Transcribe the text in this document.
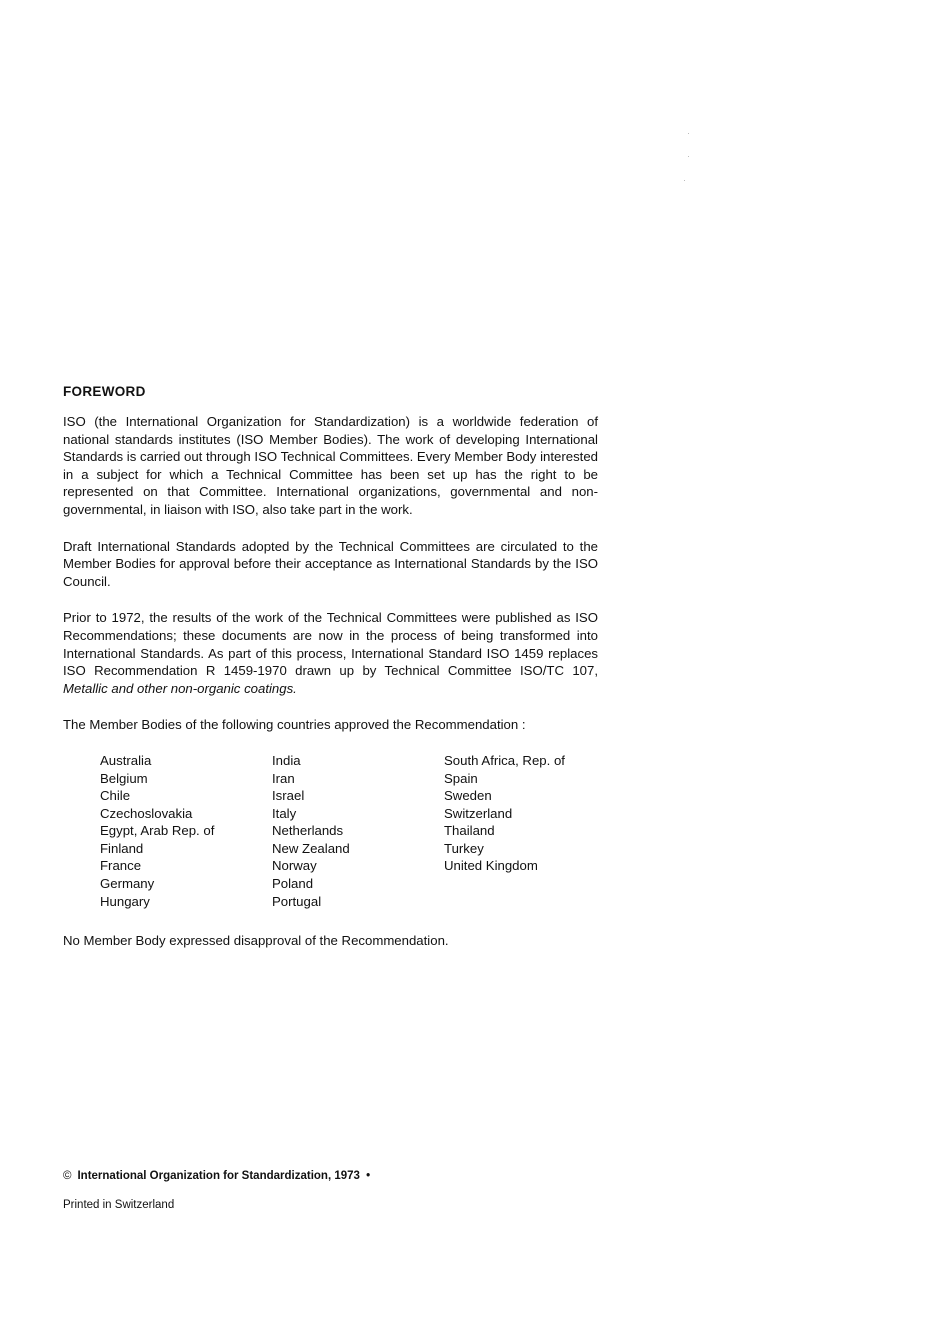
FOREWORD

ISO (the International Organization for Standardization) is a worldwide federation of national standards institutes (ISO Member Bodies). The work of developing International Standards is carried out through ISO Technical Committees. Every Member Body interested in a subject for which a Technical Committee has been set up has the right to be represented on that Committee. International organizations, governmental and non-governmental, in liaison with ISO, also take part in the work.

Draft International Standards adopted by the Technical Committees are circulated to the Member Bodies for approval before their acceptance as International Standards by the ISO Council.

Prior to 1972, the results of the work of the Technical Committees were published as ISO Recommendations; these documents are now in the process of being transformed into International Standards. As part of this process, International Standard ISO 1459 replaces ISO Recommendation R 1459-1970 drawn up by Technical Committee ISO/TC 107, Metallic and other non-organic coatings.

The Member Bodies of the following countries approved the Recommendation :

Australia
Belgium
Chile
Czechoslovakia
Egypt, Arab Rep. of
Finland
France
Germany
Hungary
India
Iran
Israel
Italy
Netherlands
New Zealand
Norway
Poland
Portugal
South Africa, Rep. of
Spain
Sweden
Switzerland
Thailand
Turkey
United Kingdom

No Member Body expressed disapproval of the Recommendation.

© International Organization for Standardization, 1973 •
Printed in Switzerland
